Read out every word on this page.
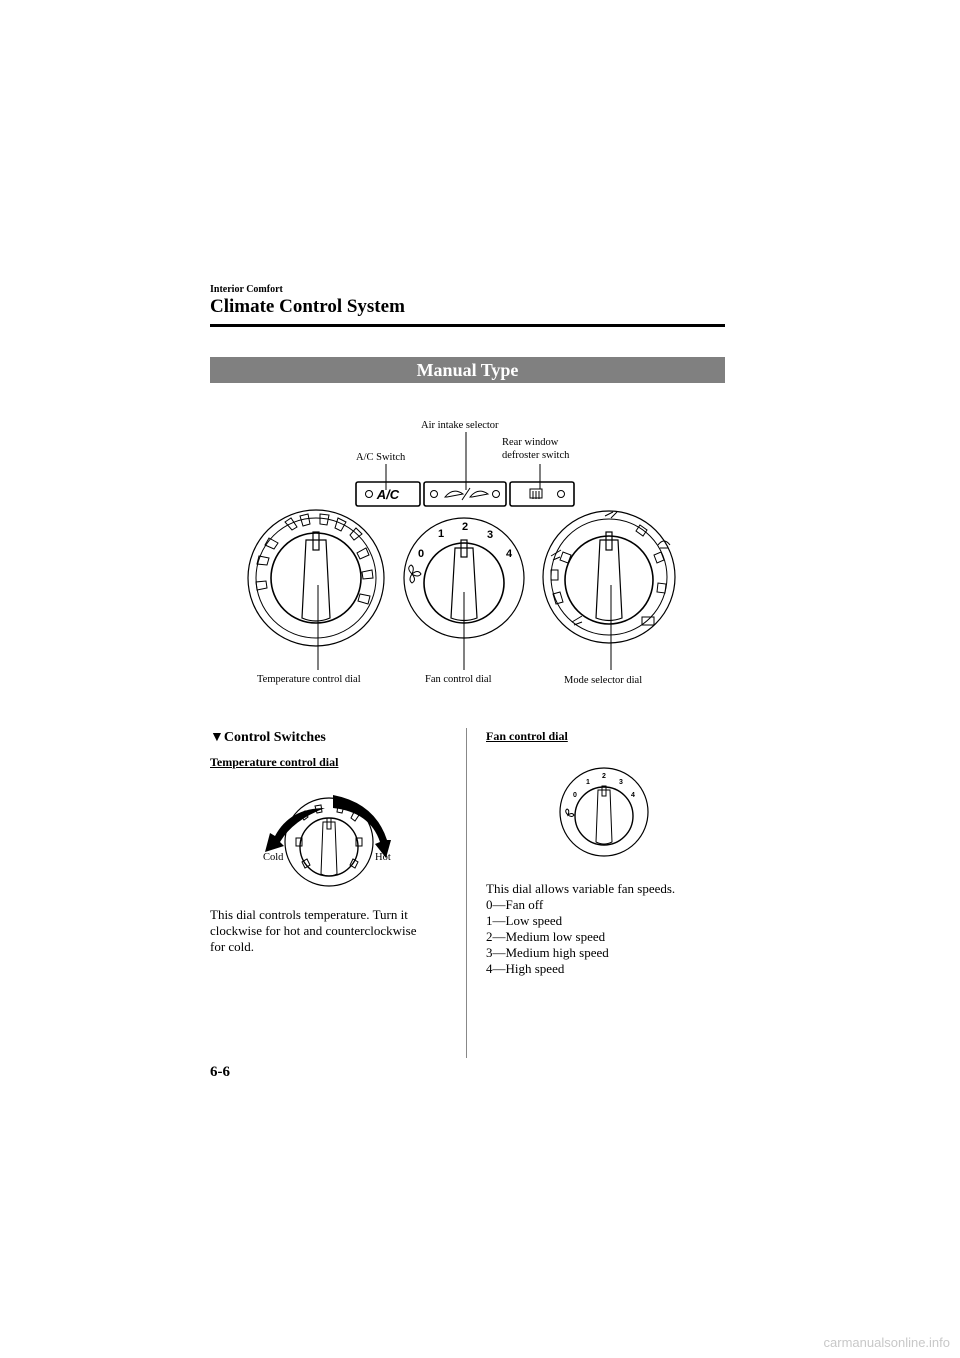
Interior Comfort
Climate Control System
Manual Type
A/C
0
1
2
3
4
0
1
2
3
4
Air intake selector
Rear window
defroster switch
A/C Switch
Temperature control dial	Fan control dial	Mode selector dial
▼Control Switches
Temperature control dial
Cold	Hot
This dial controls temperature. Turn it
clockwise for hot and counterclockwise
for cold.
Fan control dial
This dial allows variable fan speeds.
0—Fan off
1—Low speed
2—Medium low speed
3—Medium high speed
4—High speed
6-6
carmanualsonline.info
